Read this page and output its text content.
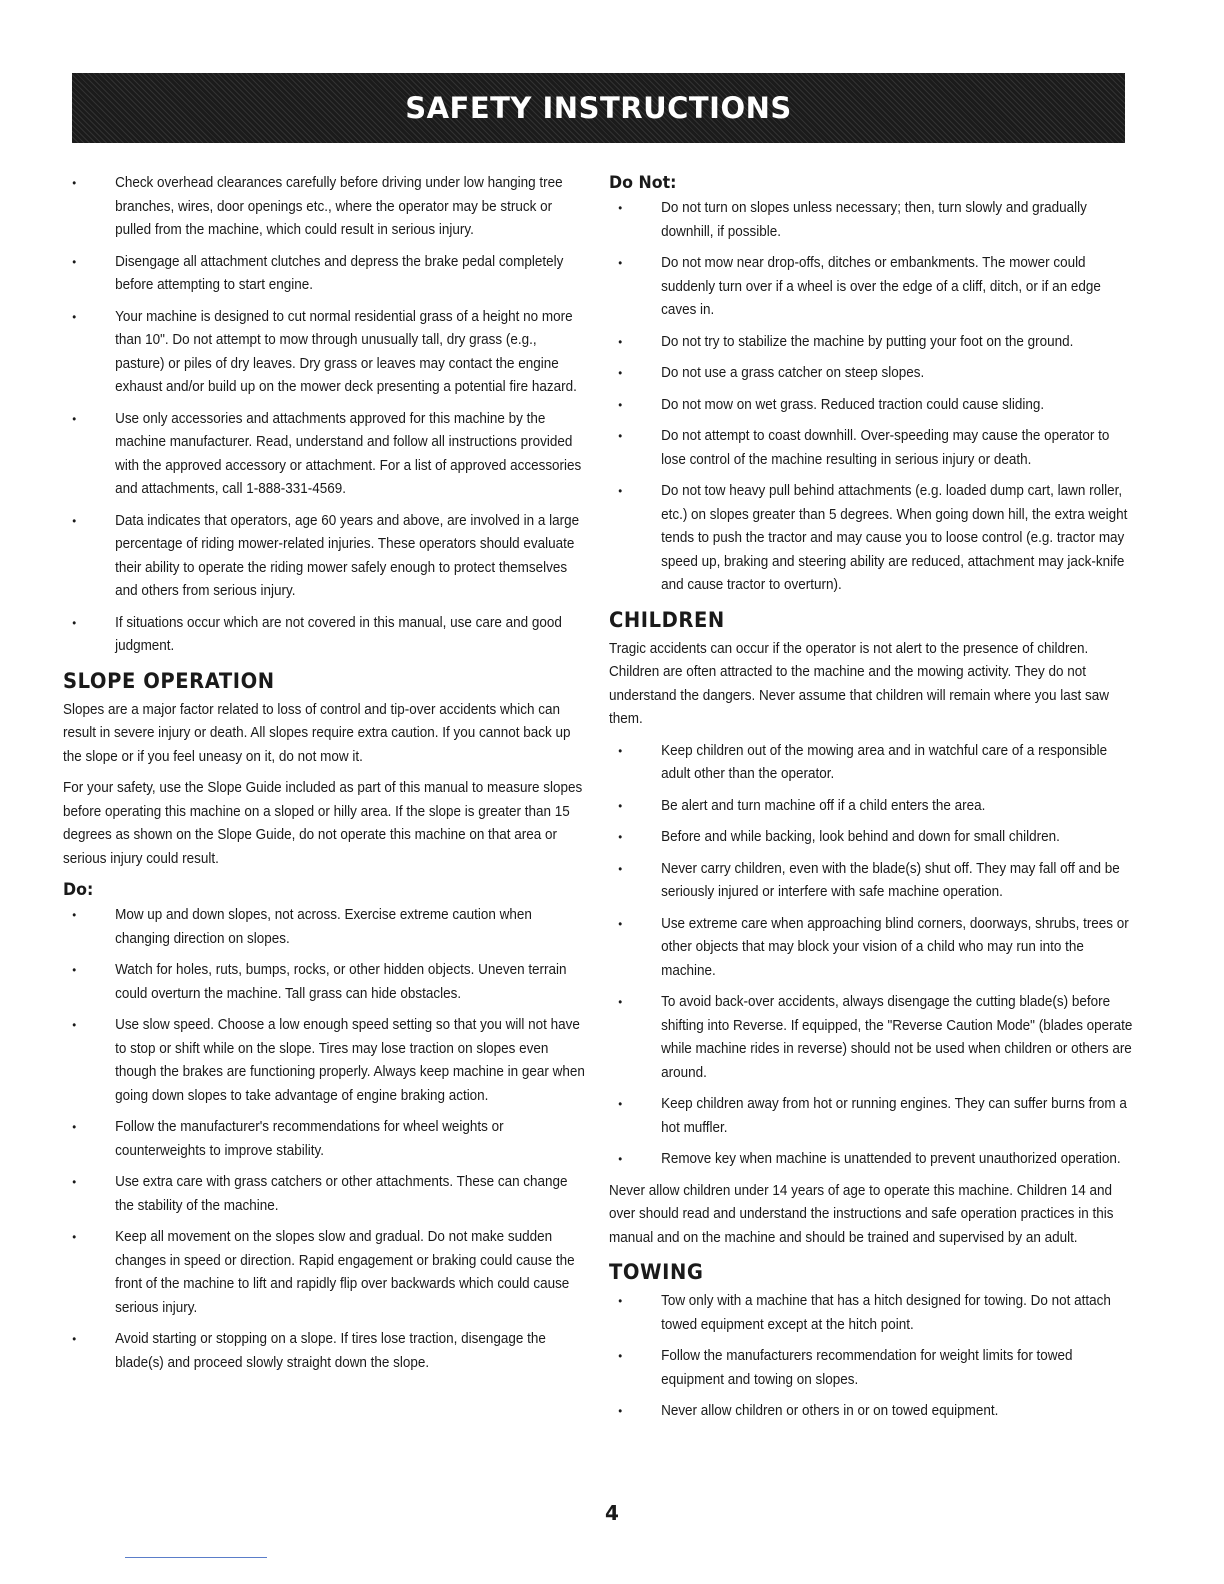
SAFETY INSTRUCTIONS
•	Check overhead clearances carefully before driving under low hanging tree branches, wires, door openings etc., where the operator may be struck or pulled from the machine, which could result in serious injury.
•	Disengage all attachment clutches and depress the brake pedal completely before attempting to start engine.
•	Your machine is designed to cut normal residential grass of a height no more than 10". Do not attempt to mow through unusually tall, dry grass (e.g., pasture) or piles of dry leaves. Dry grass or leaves may contact the engine exhaust and/or build up on the mower deck presenting a potential fire hazard.
•	Use only accessories and attachments approved for this machine by the machine manufacturer. Read, understand and follow all instructions provided with the approved accessory or attachment. For a list of approved accessories and attachments, call 1-888-331-4569.
•	Data indicates that operators, age 60 years and above, are involved in a large percentage of riding mower-related injuries. These operators should evaluate their ability to operate the riding mower safely enough to protect themselves and others from serious injury.
•	If situations occur which are not covered in this manual, use care and good judgment.
SLOPE OPERATION

Slopes are a major factor related to loss of control and tip-over accidents which can result in severe injury or death. All slopes require extra caution. If you cannot back up the slope or if you feel uneasy on it, do not mow it.

For your safety, use the Slope Guide included as part of this manual to measure slopes before operating this machine on a sloped or hilly area. If the slope is greater than 15 degrees as shown on the Slope Guide, do not operate this machine on that area or serious injury could result.

Do:
•	Mow up and down slopes, not across. Exercise extreme caution when changing direction on slopes.
•	Watch for holes, ruts, bumps, rocks, or other hidden objects. Uneven terrain could overturn the machine. Tall grass can hide obstacles.
•	Use slow speed. Choose a low enough speed setting so that you will not have to stop or shift while on the slope. Tires may lose traction on slopes even though the brakes are functioning properly. Always keep machine in gear when going down slopes to take advantage of engine braking action.
•	Follow the manufacturer's recommendations for wheel weights or counterweights to improve stability.
•	Use extra care with grass catchers or other attachments. These can change the stability of the machine.
•	Keep all movement on the slopes slow and gradual. Do not make sudden changes in speed or direction. Rapid engagement or braking could cause the front of the machine to lift and rapidly flip over backwards which could cause serious injury.
•	Avoid starting or stopping on a slope. If tires lose traction, disengage the blade(s) and proceed slowly straight down the slope.
Do Not:
•	Do not turn on slopes unless necessary; then, turn slowly and gradually downhill, if possible.
•	Do not mow near drop-offs, ditches or embankments. The mower could suddenly turn over if a wheel is over the edge of a cliff, ditch, or if an edge caves in.
•	Do not try to stabilize the machine by putting your foot on the ground.
•	Do not use a grass catcher on steep slopes.
•	Do not mow on wet grass. Reduced traction could cause sliding.
•	Do not attempt to coast downhill. Over-speeding may cause the operator to lose control of the machine resulting in serious injury or death.
•	Do not tow heavy pull behind attachments (e.g. loaded dump cart, lawn roller, etc.) on slopes greater than 5 degrees. When going down hill, the extra weight tends to push the tractor and may cause you to loose control (e.g. tractor may speed up, braking and steering ability are reduced, attachment may jack-knife and cause tractor to overturn).
CHILDREN

Tragic accidents can occur if the operator is not alert to the presence of children. Children are often attracted to the machine and the mowing activity. They do not understand the dangers. Never assume that children will remain where you last saw them.

•	Keep children out of the mowing area and in watchful care of a responsible adult other than the operator.
•	Be alert and turn machine off if a child enters the area.
•	Before and while backing, look behind and down for small children.
•	Never carry children, even with the blade(s) shut off. They may fall off and be seriously injured or interfere with safe machine operation.
•	Use extreme care when approaching blind corners, doorways, shrubs, trees or other objects that may block your vision of a child who may run into the machine.
•	To avoid back-over accidents, always disengage the cutting blade(s) before shifting into Reverse. If equipped, the "Reverse Caution Mode" (blades operate while machine rides in reverse) should not be used when children or others are around.
•	Keep children away from hot or running engines. They can suffer burns from a hot muffler.
•	Remove key when machine is unattended to prevent unauthorized operation.

Never allow children under 14 years of age to operate this machine. Children 14 and over should read and understand the instructions and safe operation practices in this manual and on the machine and should be trained and supervised by an adult.

TOWING
•	Tow only with a machine that has a hitch designed for towing. Do not attach towed equipment except at the hitch point.
•	Follow the manufacturers recommendation for weight limits for towed equipment and towing on slopes.
•	Never allow children or others in or on towed equipment.
4
